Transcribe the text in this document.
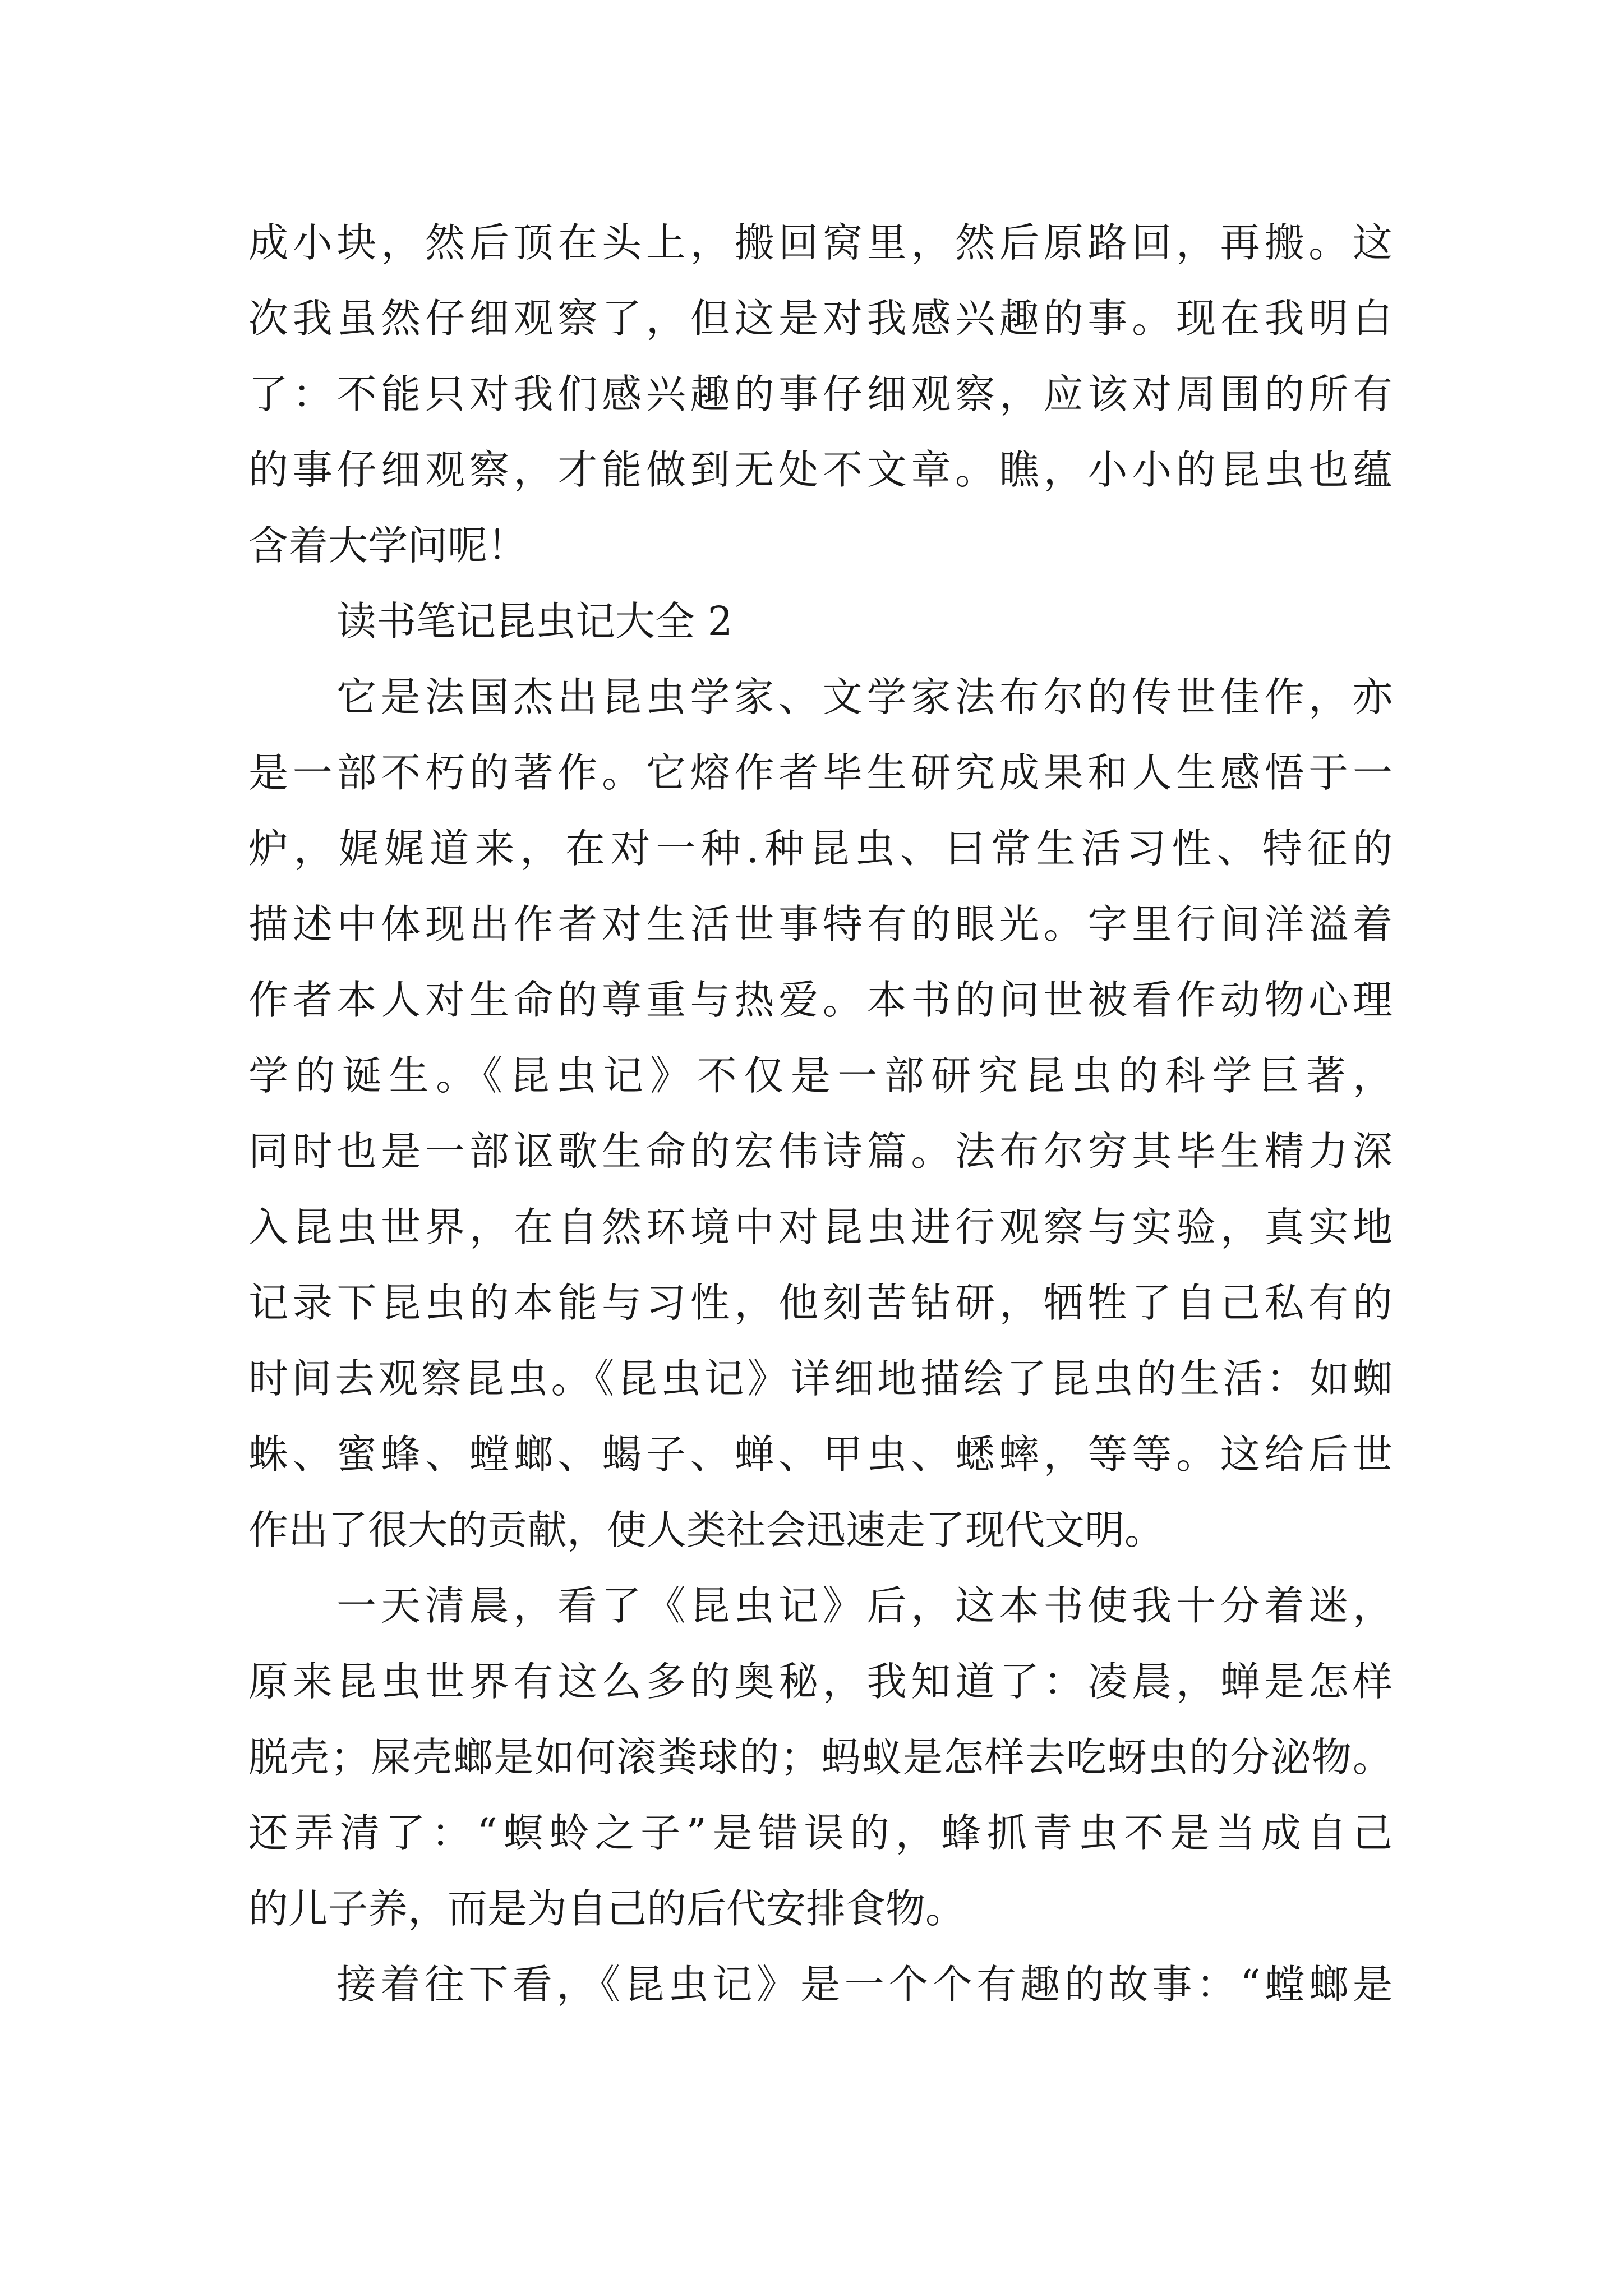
成小块，然后顶在头上，搬回窝里，然后原路回，再搬。这
次我虽然仔细观察了，但这是对我感兴趣的事。现在我明白
了：不能只对我们感兴趣的事仔细观察，应该对周围的所有
的事仔细观察，才能做到无处不文章。瞧，小小的昆虫也蕴
含着大学问呢！
读书笔记昆虫记大全 2
它是法国杰出昆虫学家、文学家法布尔的传世佳作，亦
是一部不朽的著作。它熔作者毕生研究成果和人生感悟于一
炉，娓娓道来，在对一种.种昆虫、曰常生活习性、特征的
描述中体现出作者对生活世事特有的眼光。字里行间洋溢着
作者本人对生命的尊重与热爱。本书的问世被看作动物心理
学的诞生。《昆虫记》不仅是一部研究昆虫的科学巨著，
同时也是一部讴歌生命的宏伟诗篇。法布尔穷其毕生精力深
入昆虫世界，在自然环境中对昆虫进行观察与实验，真实地
记录下昆虫的本能与习性，他刻苦钻研，牺牲了自己私有的
时间去观察昆虫。《昆虫记》详细地描绘了昆虫的生活：如蜘
蛛、蜜蜂、螳螂、蝎子、蝉、甲虫、蟋蟀，等等。这给后世
作出了很大的贡献，使人类社会迅速走了现代文明。
一天清晨，看了《昆虫记》后，这本书使我十分着迷，
原来昆虫世界有这么多的奥秘，我知道了：凌晨，蝉是怎样
脱壳；屎壳螂是如何滚粪球的；蚂蚁是怎样去吃蚜虫的分泌物。
还弄清了：“螟蛉之子”是错误的，蜂抓青虫不是当成自己
的儿子养，而是为自己的后代安排食物。
接着往下看，《昆虫记》是一个个有趣的故事：“螳螂是
